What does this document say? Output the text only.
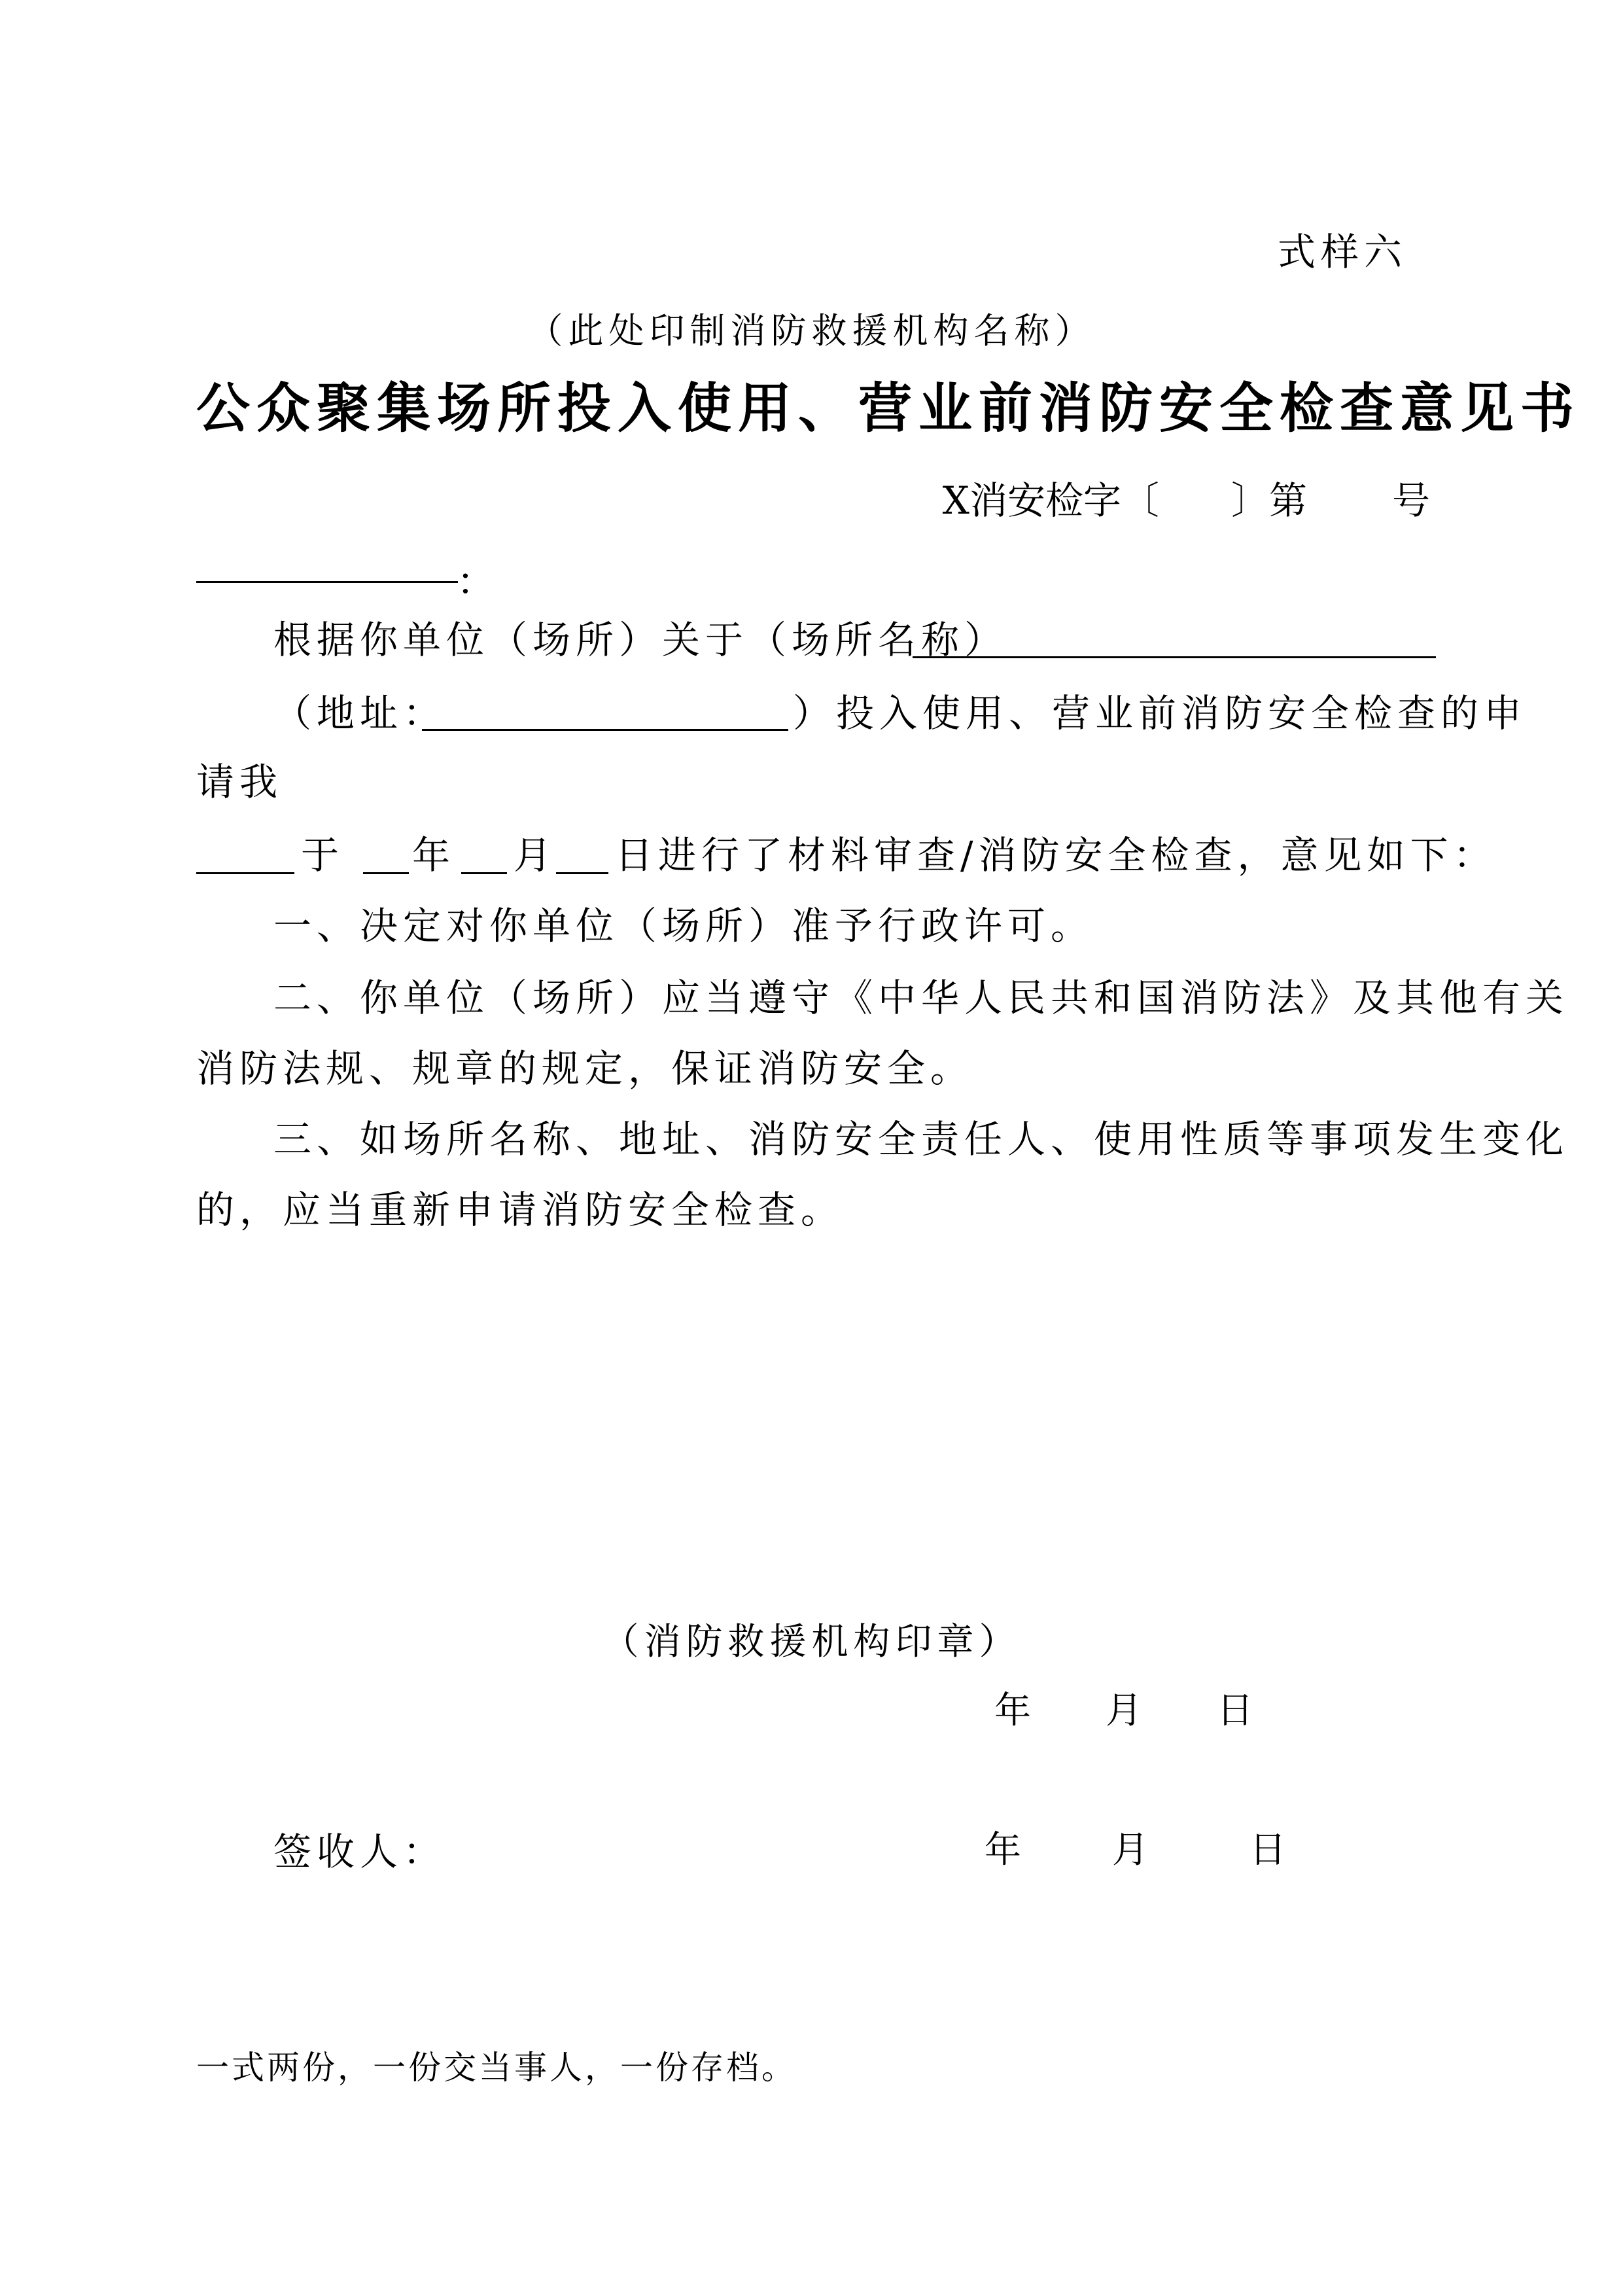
式样六
（此处印制消防救援机构名称）
公众聚集场所投入使用、营业前消防安全检查意见书
X消安检字〔 〕第 号
：
根据你单位（场所）关于（场所名称）
（地址：	）投入使用、营业前消防安全检查的申
请我
于 年 月 日进行了材料审查/消防安全检查，意见如下：
一、决定对你单位（场所）准予行政许可。
二、你单位（场所）应当遵守《中华人民共和国消防法》及其他有关
消防法规、规章的规定，保证消防安全。
三、如场所名称、地址、消防安全责任人、使用性质等事项发生变化
的，应当重新申请消防安全检查。
（消防救援机构印章）
年 月 日
签收人：	年 月	日
一式两份，一份交当事人，一份存档。
